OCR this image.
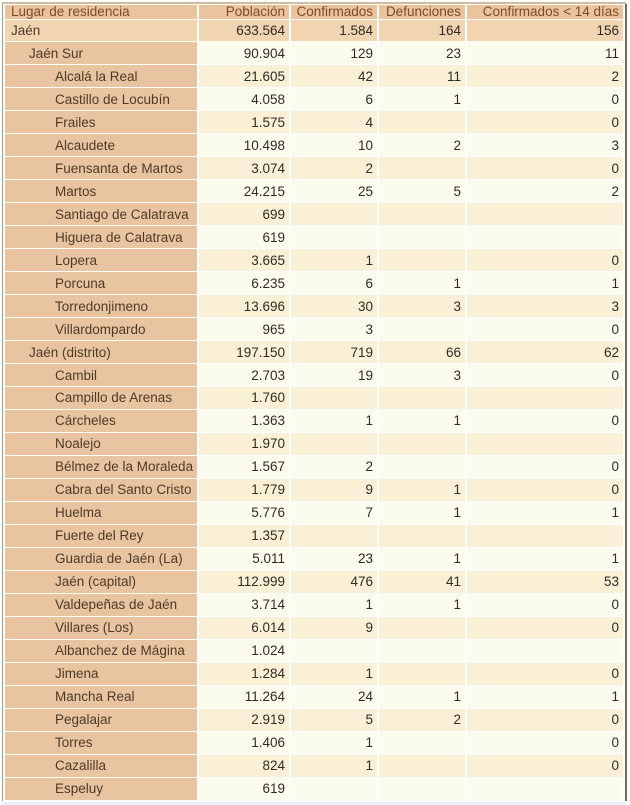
Lugar de residencia	Población	Confirmados	Defunciones	Confirmados < 14 días
Jaén	633.564	1.584	164	156
Jaén Sur	90.904	129	23	11
Alcalá la Real	21.605	42	11	2
Castillo de Locubín	4.058	6	1	0
Frailes	1.575	4		0
Alcaudete	10.498	10	2	3
Fuensanta de Martos	3.074	2		0
Martos	24.215	25	5	2
Santiago de Calatrava	699			
Higuera de Calatrava	619			
Lopera	3.665	1		0
Porcuna	6.235	6	1	1
Torredonjimeno	13.696	30	3	3
Villardompardo	965	3		0
Jaén (distrito)	197.150	719	66	62
Cambil	2.703	19	3	0
Campillo de Arenas	1.760			
Cárcheles	1.363	1	1	0
Noalejo	1.970			
Bélmez de la Moraleda	1.567	2		0
Cabra del Santo Cristo	1.779	9	1	0
Huelma	5.776	7	1	1
Fuerte del Rey	1.357			
Guardia de Jaén (La)	5.011	23	1	1
Jaén (capital)	112.999	476	41	53
Valdepeñas de Jaén	3.714	1	1	0
Villares (Los)	6.014	9		0
Albanchez de Mágina	1.024			
Jimena	1.284	1		0
Mancha Real	11.264	24	1	1
Pegalajar	2.919	5	2	0
Torres	1.406	1		0
Cazalilla	824	1		0
Espeluy	619			
